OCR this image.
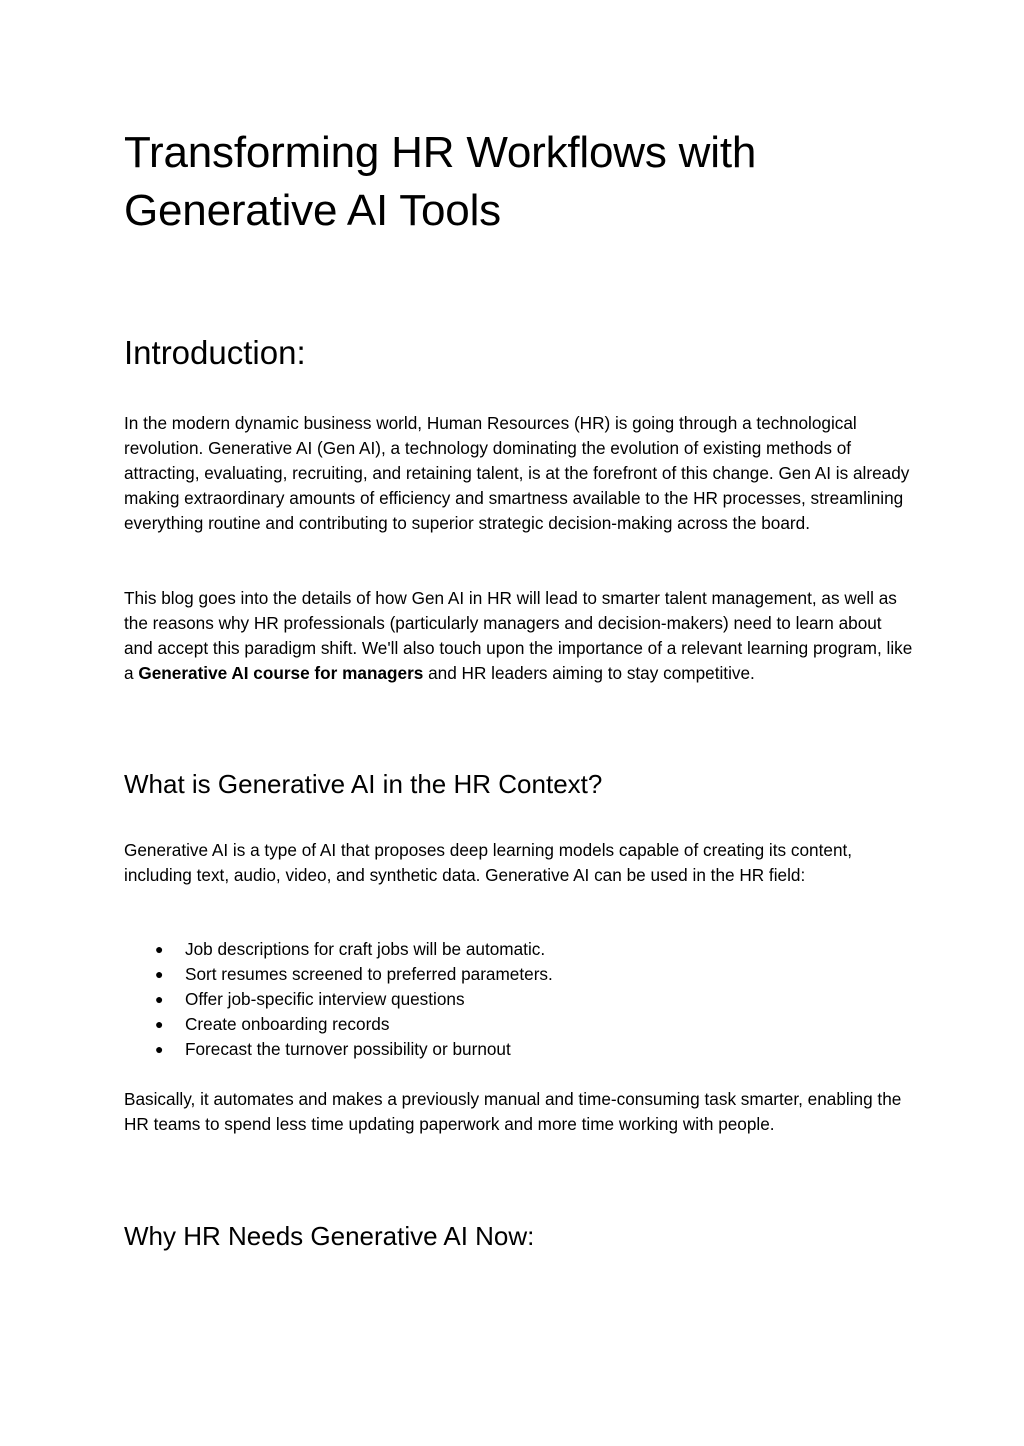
Transforming HR Workflows with Generative AI Tools
Introduction:

In the modern dynamic business world, Human Resources (HR) is going through a technological revolution. Generative AI (Gen AI), a technology dominating the evolution of existing methods of attracting, evaluating, recruiting, and retaining talent, is at the forefront of this change. Gen AI is already making extraordinary amounts of efficiency and smartness available to the HR processes, streamlining everything routine and contributing to superior strategic decision-making across the board.

This blog goes into the details of how Gen AI in HR will lead to smarter talent management, as well as the reasons why HR professionals (particularly managers and decision-makers) need to learn about and accept this paradigm shift. We'll also touch upon the importance of a relevant learning program, like a Generative AI course for managers and HR leaders aiming to stay competitive.

What is Generative AI in the HR Context?

Generative AI is a type of AI that proposes deep learning models capable of creating its content, including text, audio, video, and synthetic data. Generative AI can be used in the HR field:

● Job descriptions for craft jobs will be automatic.
● Sort resumes screened to preferred parameters.
● Offer job-specific interview questions
● Create onboarding records
● Forecast the turnover possibility or burnout

Basically, it automates and makes a previously manual and time-consuming task smarter, enabling the HR teams to spend less time updating paperwork and more time working with people.

Why HR Needs Generative AI Now:
